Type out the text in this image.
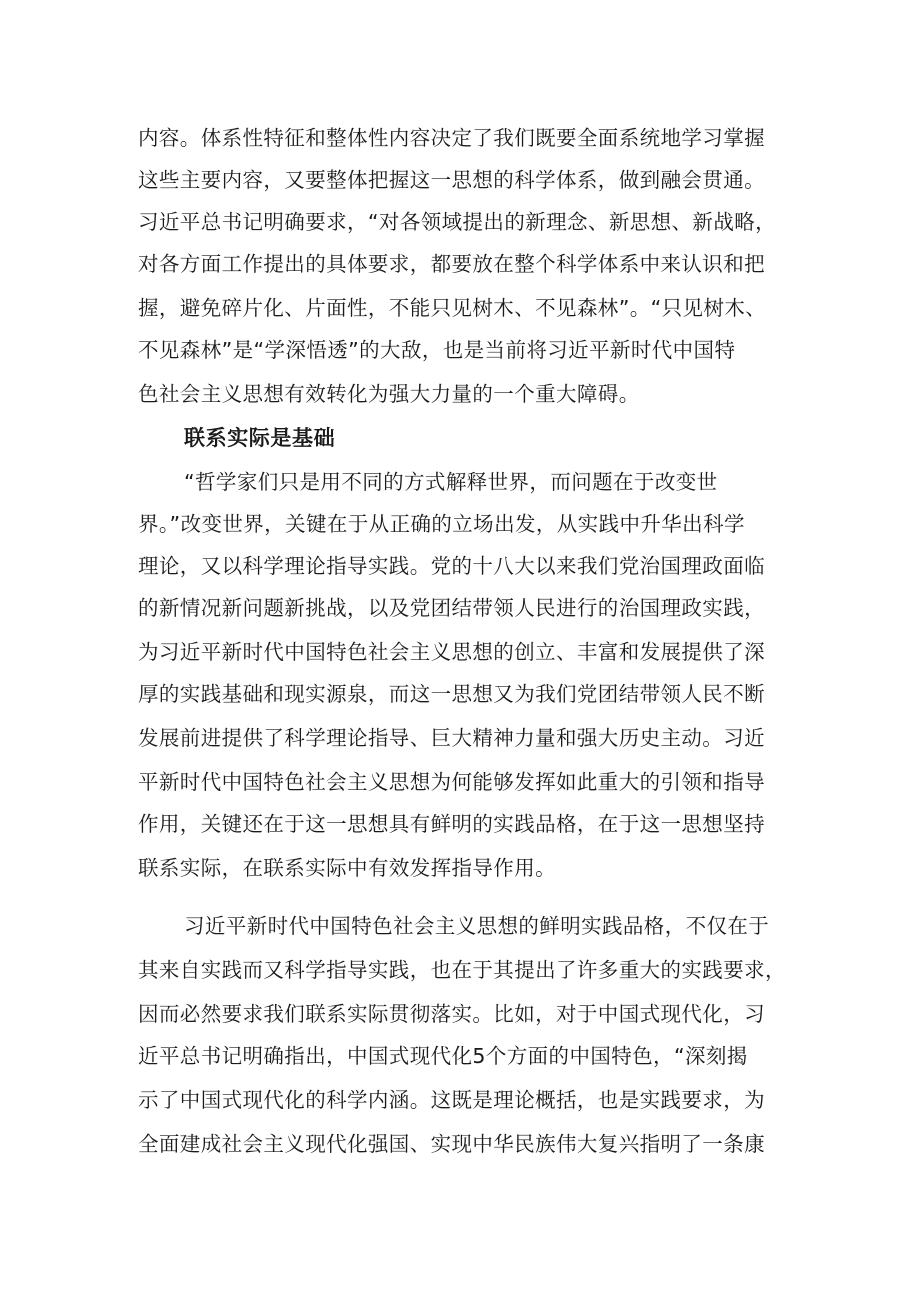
内容。体系性特征和整体性内容决定了我们既要全面系统地学习掌握
这些主要内容，又要整体把握这一思想的科学体系，做到融会贯通。
习近平总书记明确要求，“对各领域提出的新理念、新思想、新战略，
对各方面工作提出的具体要求，都要放在整个科学体系中来认识和把
握，避免碎片化、片面性，不能只见树木、不见森林”。“只见树木、
不见森林”是“学深悟透”的大敌，也是当前将习近平新时代中国特
色社会主义思想有效转化为强大力量的一个重大障碍。
联系实际是基础
“哲学家们只是用不同的方式解释世界，而问题在于改变世
界。”改变世界，关键在于从正确的立场出发，从实践中升华出科学
理论，又以科学理论指导实践。党的十八大以来我们党治国理政面临
的新情况新问题新挑战，以及党团结带领人民进行的治国理政实践，
为习近平新时代中国特色社会主义思想的创立、丰富和发展提供了深
厚的实践基础和现实源泉，而这一思想又为我们党团结带领人民不断
发展前进提供了科学理论指导、巨大精神力量和强大历史主动。习近
平新时代中国特色社会主义思想为何能够发挥如此重大的引领和指导
作用，关键还在于这一思想具有鲜明的实践品格，在于这一思想坚持
联系实际，在联系实际中有效发挥指导作用。
习近平新时代中国特色社会主义思想的鲜明实践品格，不仅在于
其来自实践而又科学指导实践，也在于其提出了许多重大的实践要求，
因而必然要求我们联系实际贯彻落实。比如，对于中国式现代化，习
近平总书记明确指出，中国式现代化5个方面的中国特色，“深刻揭
示了中国式现代化的科学内涵。这既是理论概括，也是实践要求，为
全面建成社会主义现代化强国、实现中华民族伟大复兴指明了一条康
